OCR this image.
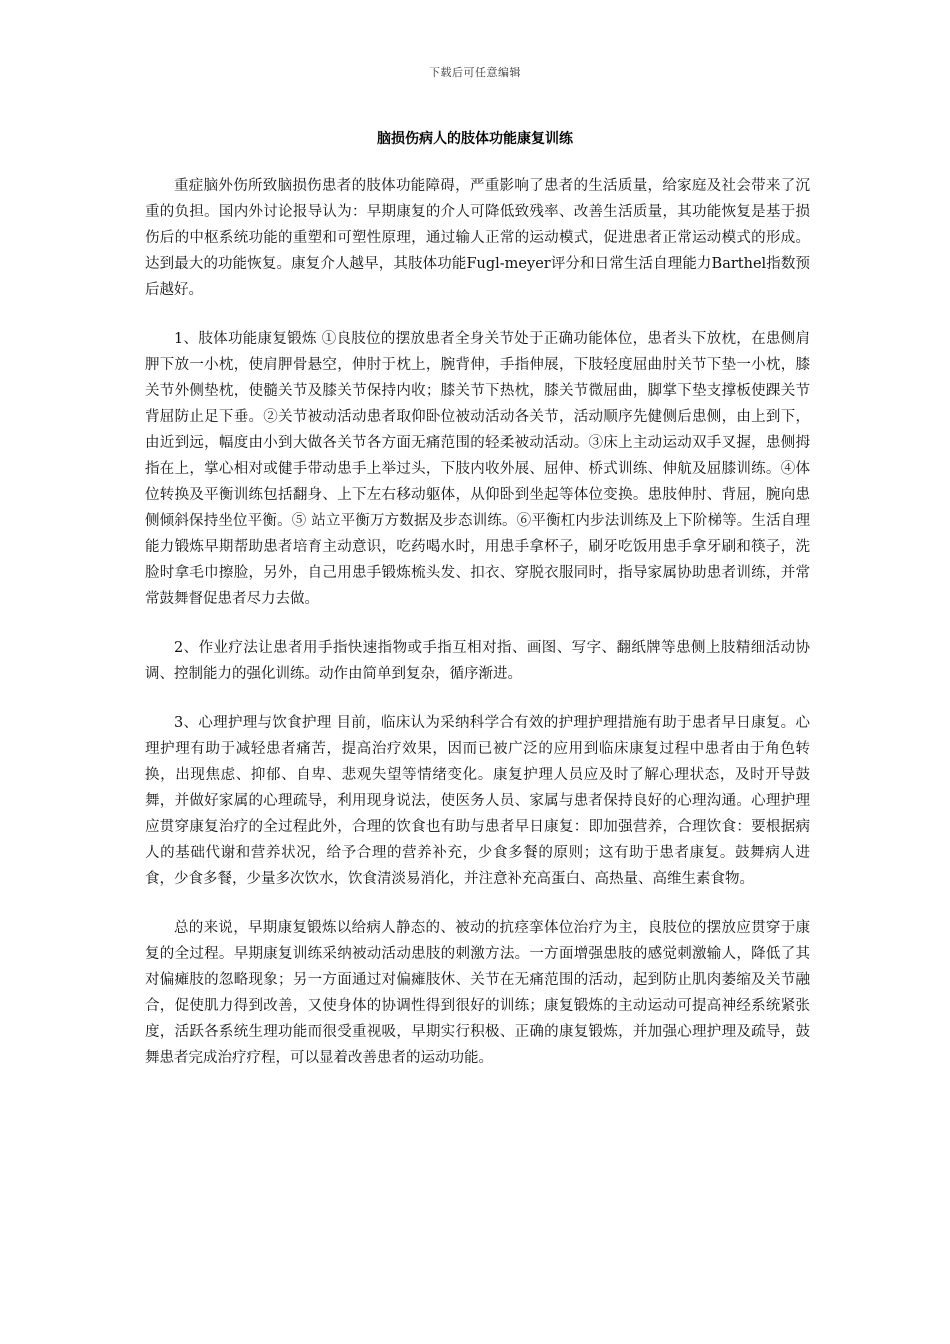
下载后可任意编辑
脑损伤病人的肢体功能康复训练

重症脑外伤所致脑损伤患者的肢体功能障碍，严重影响了患者的生活质量，给家庭及社会带来了沉重的负担。国内外讨论报导认为：早期康复的介人可降低致残率、改善生活质量，其功能恢复是基于损伤后的中枢系统功能的重塑和可塑性原理，通过输人正常的运动模式，促进患者正常运动模式的形成。达到最大的功能恢复。康复介人越早，其肢体功能Fugl-meyer评分和日常生活自理能力Barthel指数预后越好。

1、肢体功能康复锻炼 ①良肢位的摆放患者全身关节处于正确功能体位，患者头下放枕，在患侧肩胛下放一小枕，使肩胛骨悬空，伸肘于枕上，腕背伸，手指伸展，下肢轻度屈曲肘关节下垫一小枕，膝关节外侧垫枕，使髓关节及膝关节保持内收；膝关节下热枕，膝关节微屈曲，脚掌下垫支撑板使踝关节背屈防止足下垂。②关节被动活动患者取仰卧位被动活动各关节，活动顺序先健侧后患侧，由上到下，由近到远，幅度由小到大做各关节各方面无痛范围的轻柔被动活动。③床上主动运动双手叉握，患侧拇指在上，掌心相对或健手带动患手上举过头，下肢内收外展、屈伸、桥式训练、伸航及屈膝训练。④体位转换及平衡训练包括翻身、上下左右移动躯体，从仰卧到坐起等体位变换。患肢伸肘、背屈，腕向患侧倾斜保持坐位平衡。⑤ 站立平衡万方数据及步态训练。⑥平衡杠内步法训练及上下阶梯等。生活自理能力锻炼早期帮助患者培育主动意识，吃药喝水时，用患手拿杯子，刷牙吃饭用患手拿牙刷和筷子，洗脸时拿毛巾擦脸，另外，自己用患手锻炼梳头发、扣衣、穿脱衣服同时，指导家属协助患者训练，并常常鼓舞督促患者尽力去做。

2、作业疗法让患者用手指快速指物或手指互相对指、画图、写字、翻纸牌等患侧上肢精细活动协调、控制能力的强化训练。动作由简单到复杂，循序渐进。

3、心理护理与饮食护理 目前，临床认为采纳科学合有效的护理护理措施有助于患者早日康复。心理护理有助于减轻患者痛苦，提高治疗效果，因而已被广泛的应用到临床康复过程中患者由于角色转换，出现焦虑、抑郁、自卑、悲观失望等情绪变化。康复护理人员应及时了解心理状态，及时开导鼓舞，并做好家属的心理疏导，利用现身说法，使医务人员、家属与患者保持良好的心理沟通。心理护理应贯穿康复治疗的全过程此外，合理的饮食也有助与患者早日康复：即加强营养，合理饮食：要根据病人的基础代谢和营养状况，给予合理的营养补充，少食多餐的原则；这有助于患者康复。鼓舞病人进食，少食多餐，少量多次饮水，饮食清淡易消化，并注意补充高蛋白、高热量、高维生素食物。

总的来说，早期康复锻炼以给病人静态的、被动的抗痉挛体位治疗为主，良肢位的摆放应贯穿于康复的全过程。早期康复训练采纳被动活动患肢的刺激方法。一方面增强患肢的感觉刺激输人，降低了其对偏瘫肢的忽略现象；另一方面通过对偏瘫肢休、关节在无痛范围的活动，起到防止肌肉萎缩及关节融合，促使肌力得到改善，又使身体的协调性得到很好的训练；康复锻炼的主动运动可提高神经系统紧张度，活跃各系统生理功能而很受重视吸，早期实行积极、正确的康复锻炼，并加强心理护理及疏导，鼓舞患者完成治疗疗程，可以显着改善患者的运动功能。
